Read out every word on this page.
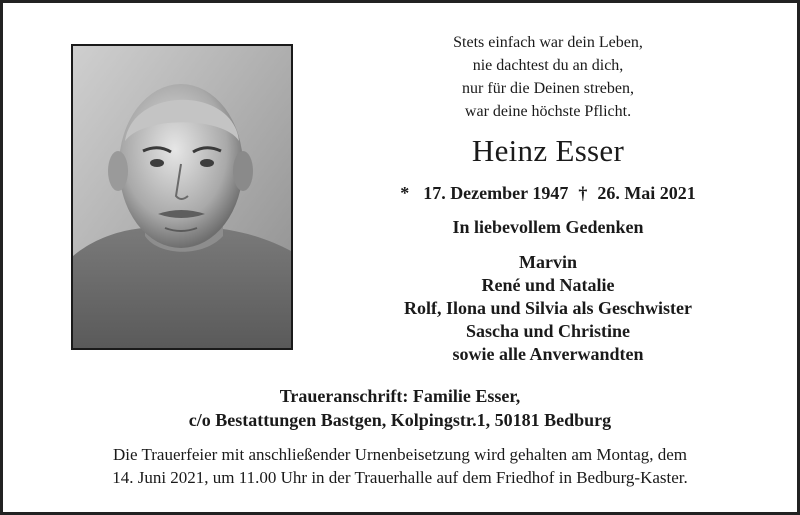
Stets einfach war dein Leben,
nie dachtest du an dich,
nur für die Deinen streben,
war deine höchste Pflicht.
Heinz Esser
* 17. Dezember 1947 † 26. Mai 2021
In liebevollem Gedenken
Marvin
René und Natalie
Rolf, Ilona und Silvia als Geschwister
Sascha und Christine
sowie alle Anverwandten
Traueranschrift: Familie Esser,
c/o Bestattungen Bastgen, Kolpingstr.1, 50181 Bedburg
Die Trauerfeier mit anschließender Urnenbeisetzung wird gehalten am Montag, dem
14. Juni 2021, um 11.00 Uhr in der Trauerhalle auf dem Friedhof in Bedburg-Kaster.
